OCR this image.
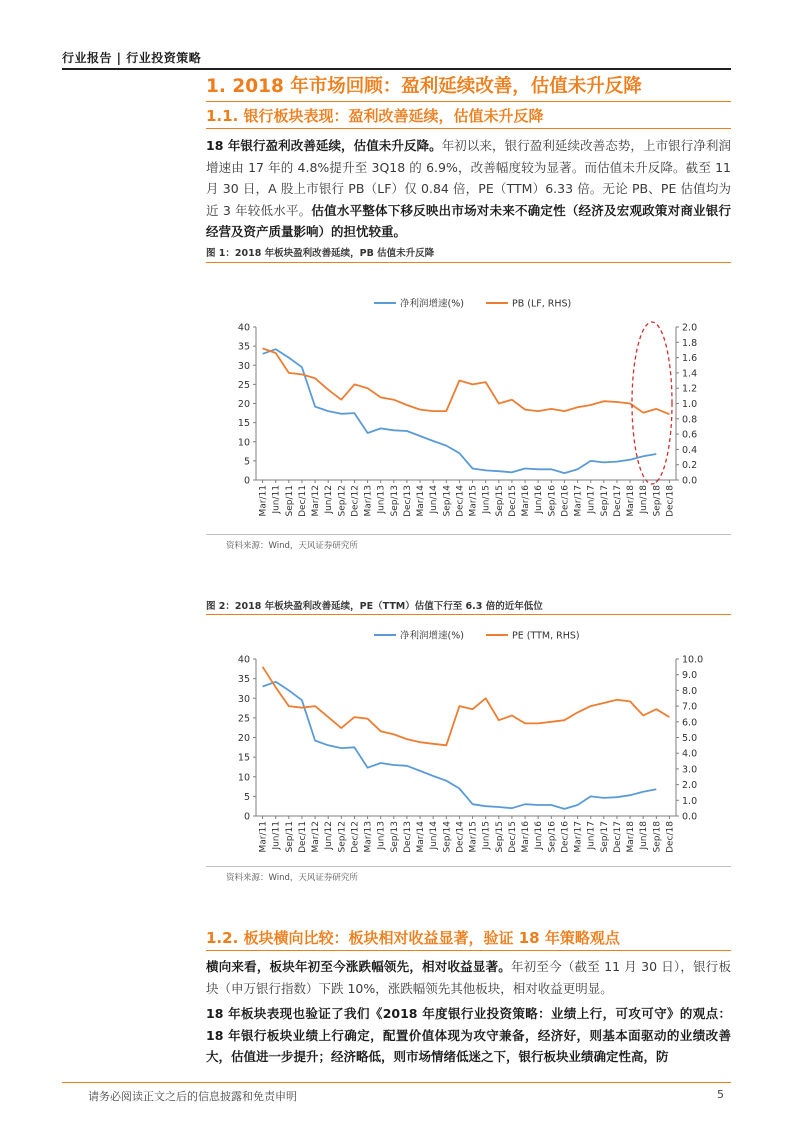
行业报告 | 行业投资策略
1. 2018 年市场回顾：盈利延续改善，估值未升反降
1.1. 银行板块表现：盈利改善延续，估值未升反降
18 年银行盈利改善延续，估值未升反降。年初以来，银行盈利延续改善态势，上市银行净利润增速由 17 年的 4.8%提升至 3Q18 的 6.9%，改善幅度较为显著。而估值未升反降。截至 11 月 30 日，A 股上市银行 PB（LF）仅 0.84 倍，PE（TTM）6.33 倍。无论 PB、PE 估值均为近 3 年较低水平。估值水平整体下移反映出市场对未来不确定性（经济及宏观政策对商业银行经营及资产质量影响）的担忧较重。
图 1：2018 年板块盈利改善延续，PB 估值未升反降
净利润增速(%)	PB (LF, RHS)
0
5
10
15
20
25
30
35
40
0.0
0.2
0.4
0.6
0.8
1.0
1.2
1.4
1.6
1.8
2.0
Mar/11 Jun/11 Sep/11 Dec/11 Mar/12 Jun/12 Sep/12 Dec/12 Mar/13 Jun/13 Sep/13 Dec/13 Mar/14 Jun/14 Sep/14 Dec/14 Mar/15 Jun/15 Sep/15 Dec/15 Mar/16 Jun/16 Sep/16 Dec/16 Mar/17 Jun/17 Sep/17 Dec/17 Mar/18 Jun/18 Sep/18 Dec/18
资料来源：Wind，天风证券研究所
图 2：2018 年板块盈利改善延续，PE（TTM）估值下行至 6.3 倍的近年低位
净利润增速(%)	PE (TTM, RHS)
0
5
10
15
20
25
30
35
40
0.0
1.0
2.0
3.0
4.0
5.0
6.0
7.0
8.0
9.0
10.0
Mar/11 Jun/11 Sep/11 Dec/11 Mar/12 Jun/12 Sep/12 Dec/12 Mar/13 Jun/13 Sep/13 Dec/13 Mar/14 Jun/14 Sep/14 Dec/14 Mar/15 Jun/15 Sep/15 Dec/15 Mar/16 Jun/16 Sep/16 Dec/16 Mar/17 Jun/17 Sep/17 Dec/17 Mar/18 Jun/18 Sep/18 Dec/18
资料来源：Wind，天风证券研究所
1.2. 板块横向比较：板块相对收益显著，验证 18 年策略观点
横向来看，板块年初至今涨跌幅领先，相对收益显著。年初至今（截至 11 月 30 日），银行板块（申万银行指数）下跌 10%，涨跌幅领先其他板块，相对收益更明显。
18 年板块表现也验证了我们《2018 年度银行业投资策略：业绩上行，可攻可守》的观点：18 年银行板块业绩上行确定，配置价值体现为攻守兼备，经济好，则基本面驱动的业绩改善大，估值进一步提升；经济略低，则市场情绪低迷之下，银行板块业绩确定性高，防
请务必阅读正文之后的信息披露和免责申明	5
